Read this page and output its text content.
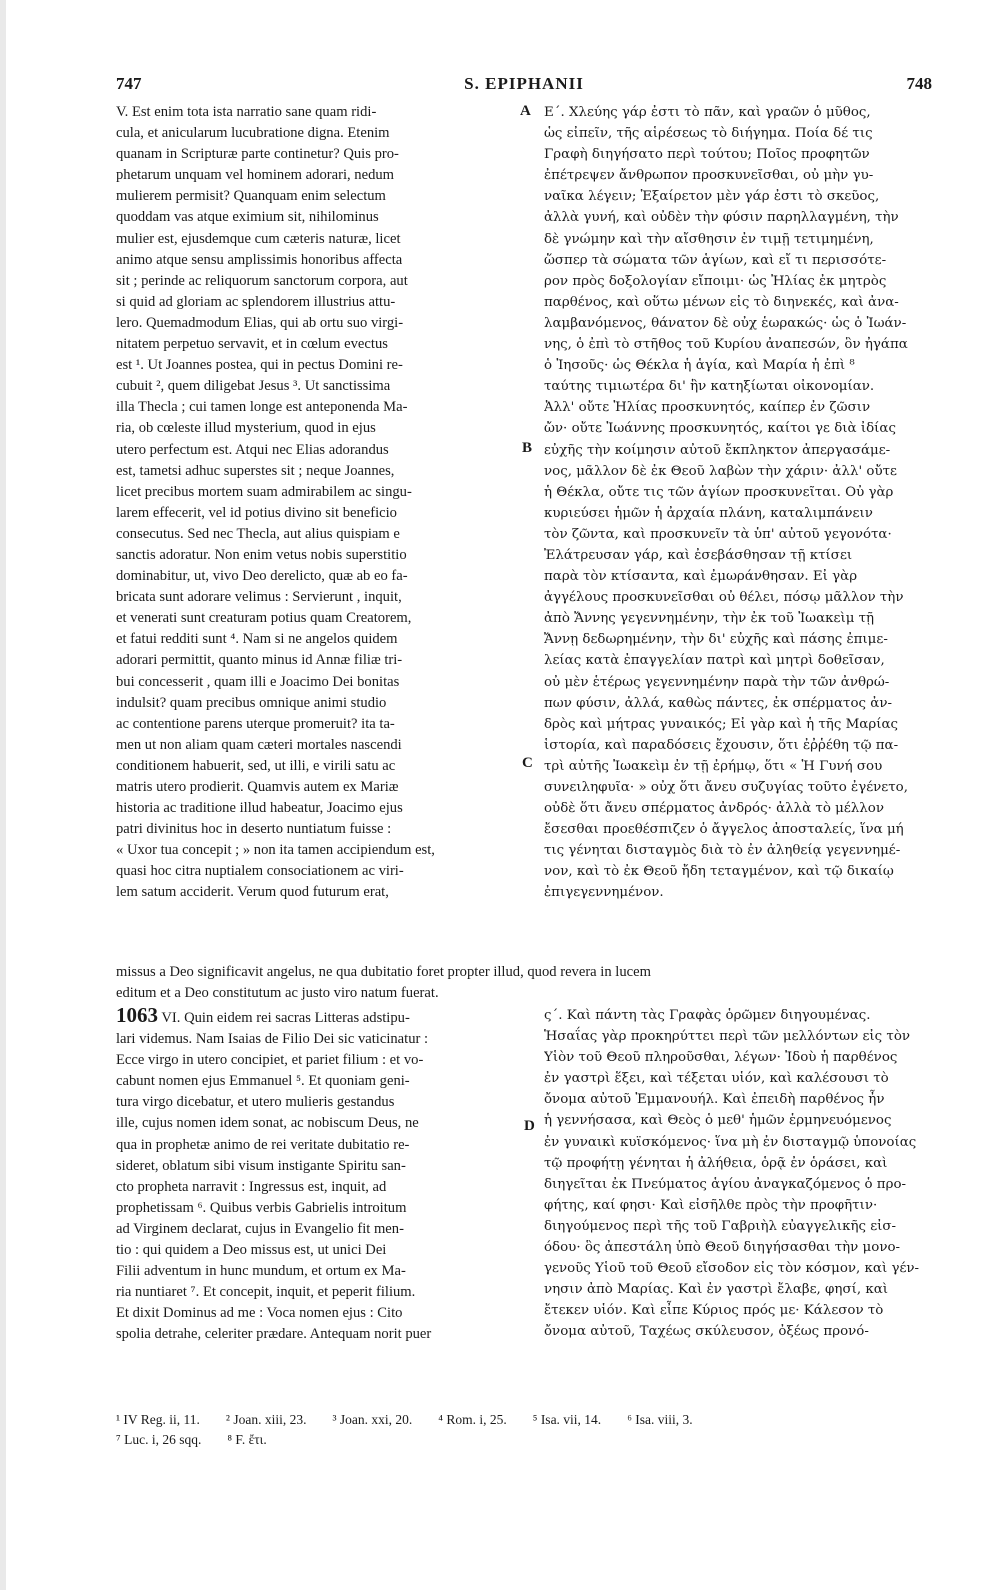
747	S. EPIPHANII	748
A
B
C
D
V. Est enim tota ista narratio sane quam ridi-
cula, et anicularum lucubratione digna. Etenim
quanam in Scripturæ parte continetur? Quis pro-
phetarum unquam vel hominem adorari, nedum
mulierem permisit? Quanquam enim selectum
quoddam vas atque eximium sit, nihilominus
mulier est, ejusdemque cum cæteris naturæ, licet
animo atque sensu amplissimis honoribus affecta
sit ; perinde ac reliquorum sanctorum corpora, aut
si quid ad gloriam ac splendorem illustrius attu-
lero. Quemadmodum Elias, qui ab ortu suo virgi-
nitatem perpetuo servavit, et in cœlum evectus
est ¹. Ut Joannes postea, qui in pectus Domini re-
cubuit ², quem diligebat Jesus ³. Ut sanctissima
illa Thecla ; cui tamen longe est anteponenda Ma-
ria, ob cœleste illud mysterium, quod in ejus
utero perfectum est. Atqui nec Elias adorandus
est, tametsi adhuc superstes sit ; neque Joannes,
licet precibus mortem suam admirabilem ac singu-
larem effecerit, vel id potius divino sit beneficio
consecutus. Sed nec Thecla, aut alius quispiam e
sanctis adoratur. Non enim vetus nobis superstitio
dominabitur, ut, vivo Deo derelicto, quæ ab eo fa-
bricata sunt adorare velimus : Servierunt , inquit,
et venerati sunt creaturam potius quam Creatorem,
et fatui redditi sunt ⁴. Nam si ne angelos quidem
adorari permittit, quanto minus id Annæ filiæ tri-
bui concesserit , quam illi e Joacimo Dei bonitas
indulsit? quam precibus omnique animi studio
ac contentione parens uterque promeruit? ita ta-
men ut non aliam quam cæteri mortales nascendi
conditionem habuerit, sed, ut illi, e virili satu ac
matris utero prodierit. Quamvis autem ex Mariæ
historia ac traditione illud habeatur, Joacimo ejus
patri divinitus hoc in deserto nuntiatum fuisse :
« Uxor tua concepit ; » non ita tamen accipiendum est,
quasi hoc citra nuptialem consociationem ac viri-
lem satum acciderit. Verum quod futurum erat,
Ε΄. Χλεύης γάρ ἐστι τὸ πᾶν, καὶ γραῶν ὁ μῦθος,
ὡς εἰπεῖν, τῆς αἱρέσεως τὸ διήγημα. Ποία δέ τις
Γραφὴ διηγήσατο περὶ τούτου; Ποῖος προφητῶν
ἐπέτρεψεν ἄνθρωπον προσκυνεῖσθαι, οὐ μὴν γυ-
ναῖκα λέγειν; Ἐξαίρετον μὲν γάρ ἐστι τὸ σκεῦος,
ἀλλὰ γυνή, καὶ οὐδὲν τὴν φύσιν παρηλλαγμένη, τὴν
δὲ γνώμην καὶ τὴν αἴσθησιν ἐν τιμῇ τετιμημένη,
ὥσπερ τὰ σώματα τῶν ἁγίων, καὶ εἴ τι περισσότε-
ρον πρὸς δοξολογίαν εἴποιμι· ὡς Ἠλίας ἐκ μητρὸς
παρθένος, καὶ οὕτω μένων εἰς τὸ διηνεκές, καὶ ἀνα-
λαμβανόμενος, θάνατον δὲ οὐχ ἑωρακώς· ὡς ὁ Ἰωάν-
νης, ὁ ἐπὶ τὸ στῆθος τοῦ Κυρίου ἀναπεσών, ὃν ἠγάπα
ὁ Ἰησοῦς· ὡς Θέκλα ἡ ἁγία, καὶ Μαρία ἡ ἐπὶ ⁸
ταύτης τιμιωτέρα δι' ἣν κατηξίωται οἰκονομίαν.
Ἀλλ' οὔτε Ἠλίας προσκυνητός, καίπερ ἐν ζῶσιν
ὤν· οὔτε Ἰωάννης προσκυνητός, καίτοι γε διὰ ἰδίας
εὐχῆς τὴν κοίμησιν αὐτοῦ ἔκπληκτον ἀπεργασάμε-
νος, μᾶλλον δὲ ἐκ Θεοῦ λαβὼν τὴν χάριν· ἀλλ' οὔτε
ἡ Θέκλα, οὔτε τις τῶν ἁγίων προσκυνεῖται. Οὐ γὰρ
κυριεύσει ἡμῶν ἡ ἀρχαία πλάνη, καταλιμπάνειν
τὸν ζῶντα, καὶ προσκυνεῖν τὰ ὑπ' αὐτοῦ γεγονότα·
Ἐλάτρευσαν γάρ, καὶ ἐσεβάσθησαν τῇ κτίσει
παρὰ τὸν κτίσαντα, καὶ ἐμωράνθησαν. Εἰ γὰρ
ἀγγέλους προσκυνεῖσθαι οὐ θέλει, πόσῳ μᾶλλον τὴν
ἀπὸ Ἄννης γεγεννημένην, τὴν ἐκ τοῦ Ἰωακεὶμ τῇ
Ἄννῃ δεδωρημένην, τὴν δι' εὐχῆς καὶ πάσης ἐπιμε-
λείας κατὰ ἐπαγγελίαν πατρὶ καὶ μητρὶ δοθεῖσαν,
οὐ μὲν ἑτέρως γεγεννημένην παρὰ τὴν τῶν ἀνθρώ-
πων φύσιν, ἀλλά, καθὼς πάντες, ἐκ σπέρματος ἀν-
δρὸς καὶ μήτρας γυναικός; Εἰ γὰρ καὶ ἡ τῆς Μαρίας
ἱστορία, καὶ παραδόσεις ἔχουσιν, ὅτι ἐῤῥέθη τῷ πα-
τρὶ αὐτῆς Ἰωακεὶμ ἐν τῇ ἐρήμῳ, ὅτι « Ἡ Γυνή σου
συνειληφυῖα· » οὐχ ὅτι ἄνευ συζυγίας τοῦτο ἐγένετο,
οὐδὲ ὅτι ἄνευ σπέρματος ἀνδρός· ἀλλὰ τὸ μέλλον
ἔσεσθαι προεθέσπιζεν ὁ ἄγγελος ἀποσταλείς, ἵνα μή
τις γένηται δισταγμὸς διὰ τὸ ἐν ἀληθείᾳ γεγεννημέ-
νον, καὶ τὸ ἐκ Θεοῦ ἤδη τεταγμένον, καὶ τῷ δικαίῳ
ἐπιγεγεννημένον.
missus a Deo significavit angelus, ne qua dubitatio foret propter illud, quod revera in lucem
editum et a Deo constitutum ac justo viro natum fuerat.
1063 VI. Quin eidem rei sacras Litteras adstipu-
lari videmus. Nam Isaias de Filio Dei sic vaticinatur :
Ecce virgo in utero concipiet, et pariet filium : et vo-
cabunt nomen ejus Emmanuel ⁵. Et quoniam geni-
tura virgo dicebatur, et utero mulieris gestandus
ille, cujus nomen idem sonat, ac nobiscum Deus, ne
qua in prophetæ animo de rei veritate dubitatio re-
sideret, oblatum sibi visum instigante Spiritu san-
cto propheta narravit : Ingressus est, inquit, ad
prophetissam ⁶. Quibus verbis Gabrielis introitum
ad Virginem declarat, cujus in Evangelio fit men-
tio : qui quidem a Deo missus est, ut unici Dei
Filii adventum in hunc mundum, et ortum ex Ma-
ria nuntiaret ⁷. Et concepit, inquit, et peperit filium.
Et dixit Dominus ad me : Voca nomen ejus : Cito
spolia detrahe, celeriter prædare. Antequam norit puer
ς΄. Καὶ πάντη τὰς Γραφὰς ὁρῶμεν διηγουμένας.
Ἡσαΐας γὰρ προκηρύττει περὶ τῶν μελλόντων εἰς τὸν
Υἱὸν τοῦ Θεοῦ πληροῦσθαι, λέγων· Ἰδοὺ ἡ παρθένος
ἐν γαστρὶ ἕξει, καὶ τέξεται υἱόν, καὶ καλέσουσι τὸ
ὄνομα αὐτοῦ Ἐμμανουήλ. Καὶ ἐπειδὴ παρθένος ἦν
ἡ γεννήσασα, καὶ Θεὸς ὁ μεθ' ἡμῶν ἑρμηνευόμενος
ἐν γυναικὶ κυϊσκόμενος· ἵνα μὴ ἐν δισταγμῷ ὑπονοίας
τῷ προφήτῃ γένηται ἡ ἀλήθεια, ὁρᾷ ἐν ὁράσει, καὶ
διηγεῖται ἐκ Πνεύματος ἁγίου ἀναγκαζόμενος ὁ προ-
φήτης, καί φησι· Καὶ εἰσῆλθε πρὸς τὴν προφῆτιν·
διηγούμενος περὶ τῆς τοῦ Γαβριὴλ εὐαγγελικῆς εἰσ-
όδου· ὃς ἀπεστάλη ὑπὸ Θεοῦ διηγήσασθαι τὴν μονο-
γενοῦς Υἱοῦ τοῦ Θεοῦ εἴσοδον εἰς τὸν κόσμον, καὶ γέν-
νησιν ἀπὸ Μαρίας. Καὶ ἐν γαστρὶ ἔλαβε, φησί, καὶ
ἔτεκεν υἱόν. Καὶ εἶπε Κύριος πρός με· Κάλεσον τὸ
ὄνομα αὐτοῦ, Ταχέως σκύλευσον, ὀξέως προνό-
¹ IV Reg. ii, 11. ² Joan. xiii, 23. ³ Joan. xxi, 20. ⁴ Rom. i, 25. ⁵ Isa. vii, 14. ⁶ Isa. viii, 3.
⁷ Luc. i, 26 sqq. ⁸ F. ἔτι.
